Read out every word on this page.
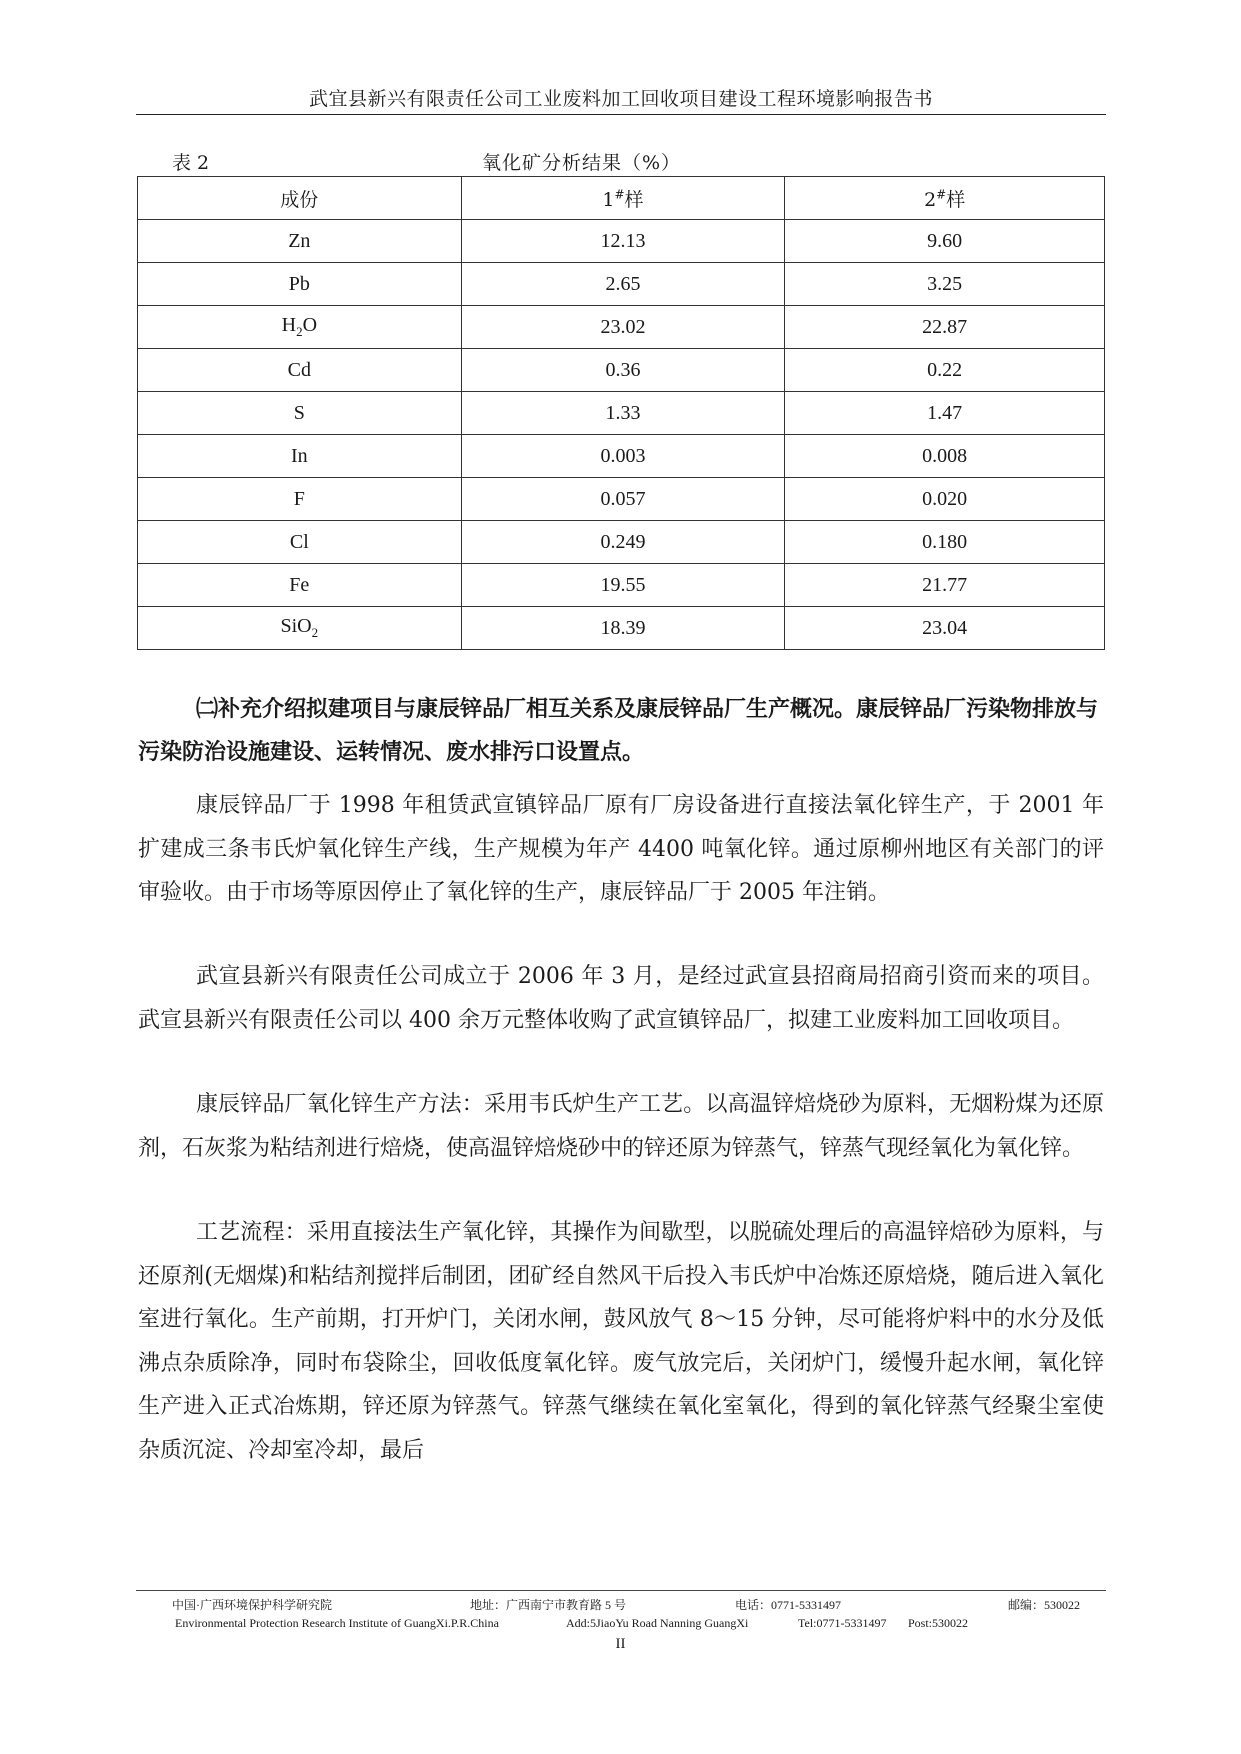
武宜县新兴有限责任公司工业废料加工回收项目建设工程环境影响报告书
表 2	氧化矿分析结果（%）
成份	1#样	2#样
Zn	12.13	9.60
Pb	2.65	3.25
$H_2O$	23.02	22.87
Cd	0.36	0.22
S	1.33	1.47
In	0.003	0.008
F	0.057	0.020
Cl	0.249	0.180
Fe	19.55	21.77
SiO$_2$	18.39	23.04
㈡补充介绍拟建项目与康辰锌品厂相互关系及康辰锌品厂生产概况。康辰锌品厂污染物排放与污染防治设施建设、运转情况、废水排污口设置点。
康辰锌品厂于 1998 年租赁武宣镇锌品厂原有厂房设备进行直接法氧化锌生产，于 2001 年扩建成三条韦氏炉氧化锌生产线，生产规模为年产 4400 吨氧化锌。通过原柳州地区有关部门的评审验收。由于市场等原因停止了氧化锌的生产，康辰锌品厂于 2005 年注销。
武宣县新兴有限责任公司成立于 2006 年 3 月，是经过武宣县招商局招商引资而来的项目。武宣县新兴有限责任公司以 400 余万元整体收购了武宣镇锌品厂，拟建工业废料加工回收项目。
康辰锌品厂氧化锌生产方法：采用韦氏炉生产工艺。以高温锌焙烧砂为原料，无烟粉煤为还原剂，石灰浆为粘结剂进行焙烧，使高温锌焙烧砂中的锌还原为锌蒸气，锌蒸气现经氧化为氧化锌。
工艺流程：采用直接法生产氧化锌，其操作为间歇型，以脱硫处理后的高温锌焙砂为原料，与还原剂(无烟煤)和粘结剂搅拌后制团，团矿经自然风干后投入韦氏炉中冶炼还原焙烧，随后进入氧化室进行氧化。生产前期，打开炉门，关闭水闸，鼓风放气 8～15 分钟，尽可能将炉料中的水分及低沸点杂质除净，同时布袋除尘，回收低度氧化锌。废气放完后，关闭炉门，缓慢升起水闸，氧化锌生产进入正式冶炼期，锌还原为锌蒸气。锌蒸气继续在氧化室氧化，得到的氧化锌蒸气经聚尘室使杂质沉淀、冷却室冷却，最后
中国·广西环境保护科学研究院	地址：广西南宁市教育路 5 号	电话：0771-5331497	邮编：530022
Environmental Protection Research Institute of GuangXi.P.R.China	Add:5JiaoYu Road Nanning GuangXi	Tel:0771-5331497 Post:530022
II
